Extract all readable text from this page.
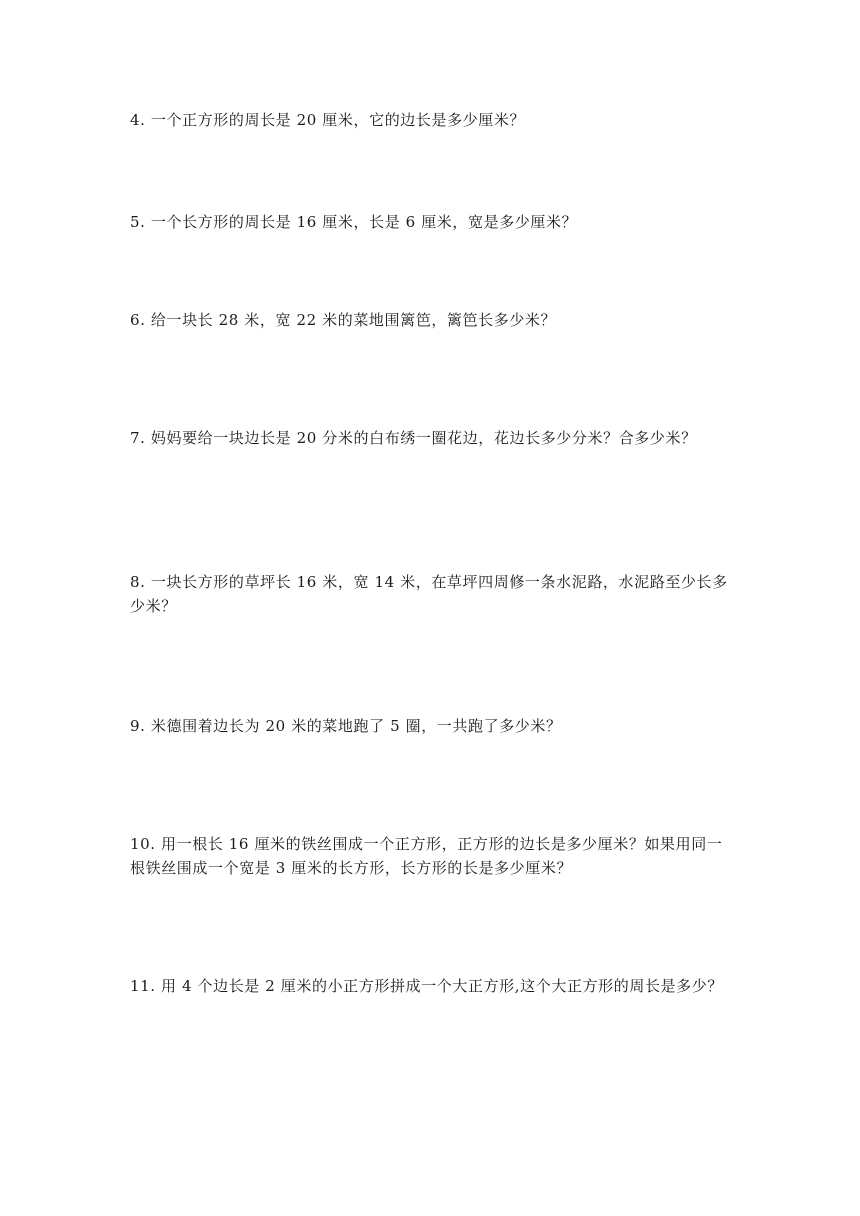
4. 一个正方形的周长是 20 厘米，它的边长是多少厘米？

5. 一个长方形的周长是 16 厘米，长是 6 厘米，宽是多少厘米？

6. 给一块长 28 米，宽 22 米的菜地围篱笆，篱笆长多少米？

7. 妈妈要给一块边长是 20 分米的白布绣一圈花边，花边长多少分米？合多少米？

8. 一块长方形的草坪长 16 米，宽 14 米，在草坪四周修一条水泥路，水泥路至少长多少米？

9. 米德围着边长为 20 米的菜地跑了 5 圈，一共跑了多少米？

10. 用一根长 16 厘米的铁丝围成一个正方形，正方形的边长是多少厘米？如果用同一根铁丝围成一个宽是 3 厘米的长方形，长方形的长是多少厘米？

11. 用 4 个边长是 2 厘米的小正方形拼成一个大正方形,这个大正方形的周长是多少？
